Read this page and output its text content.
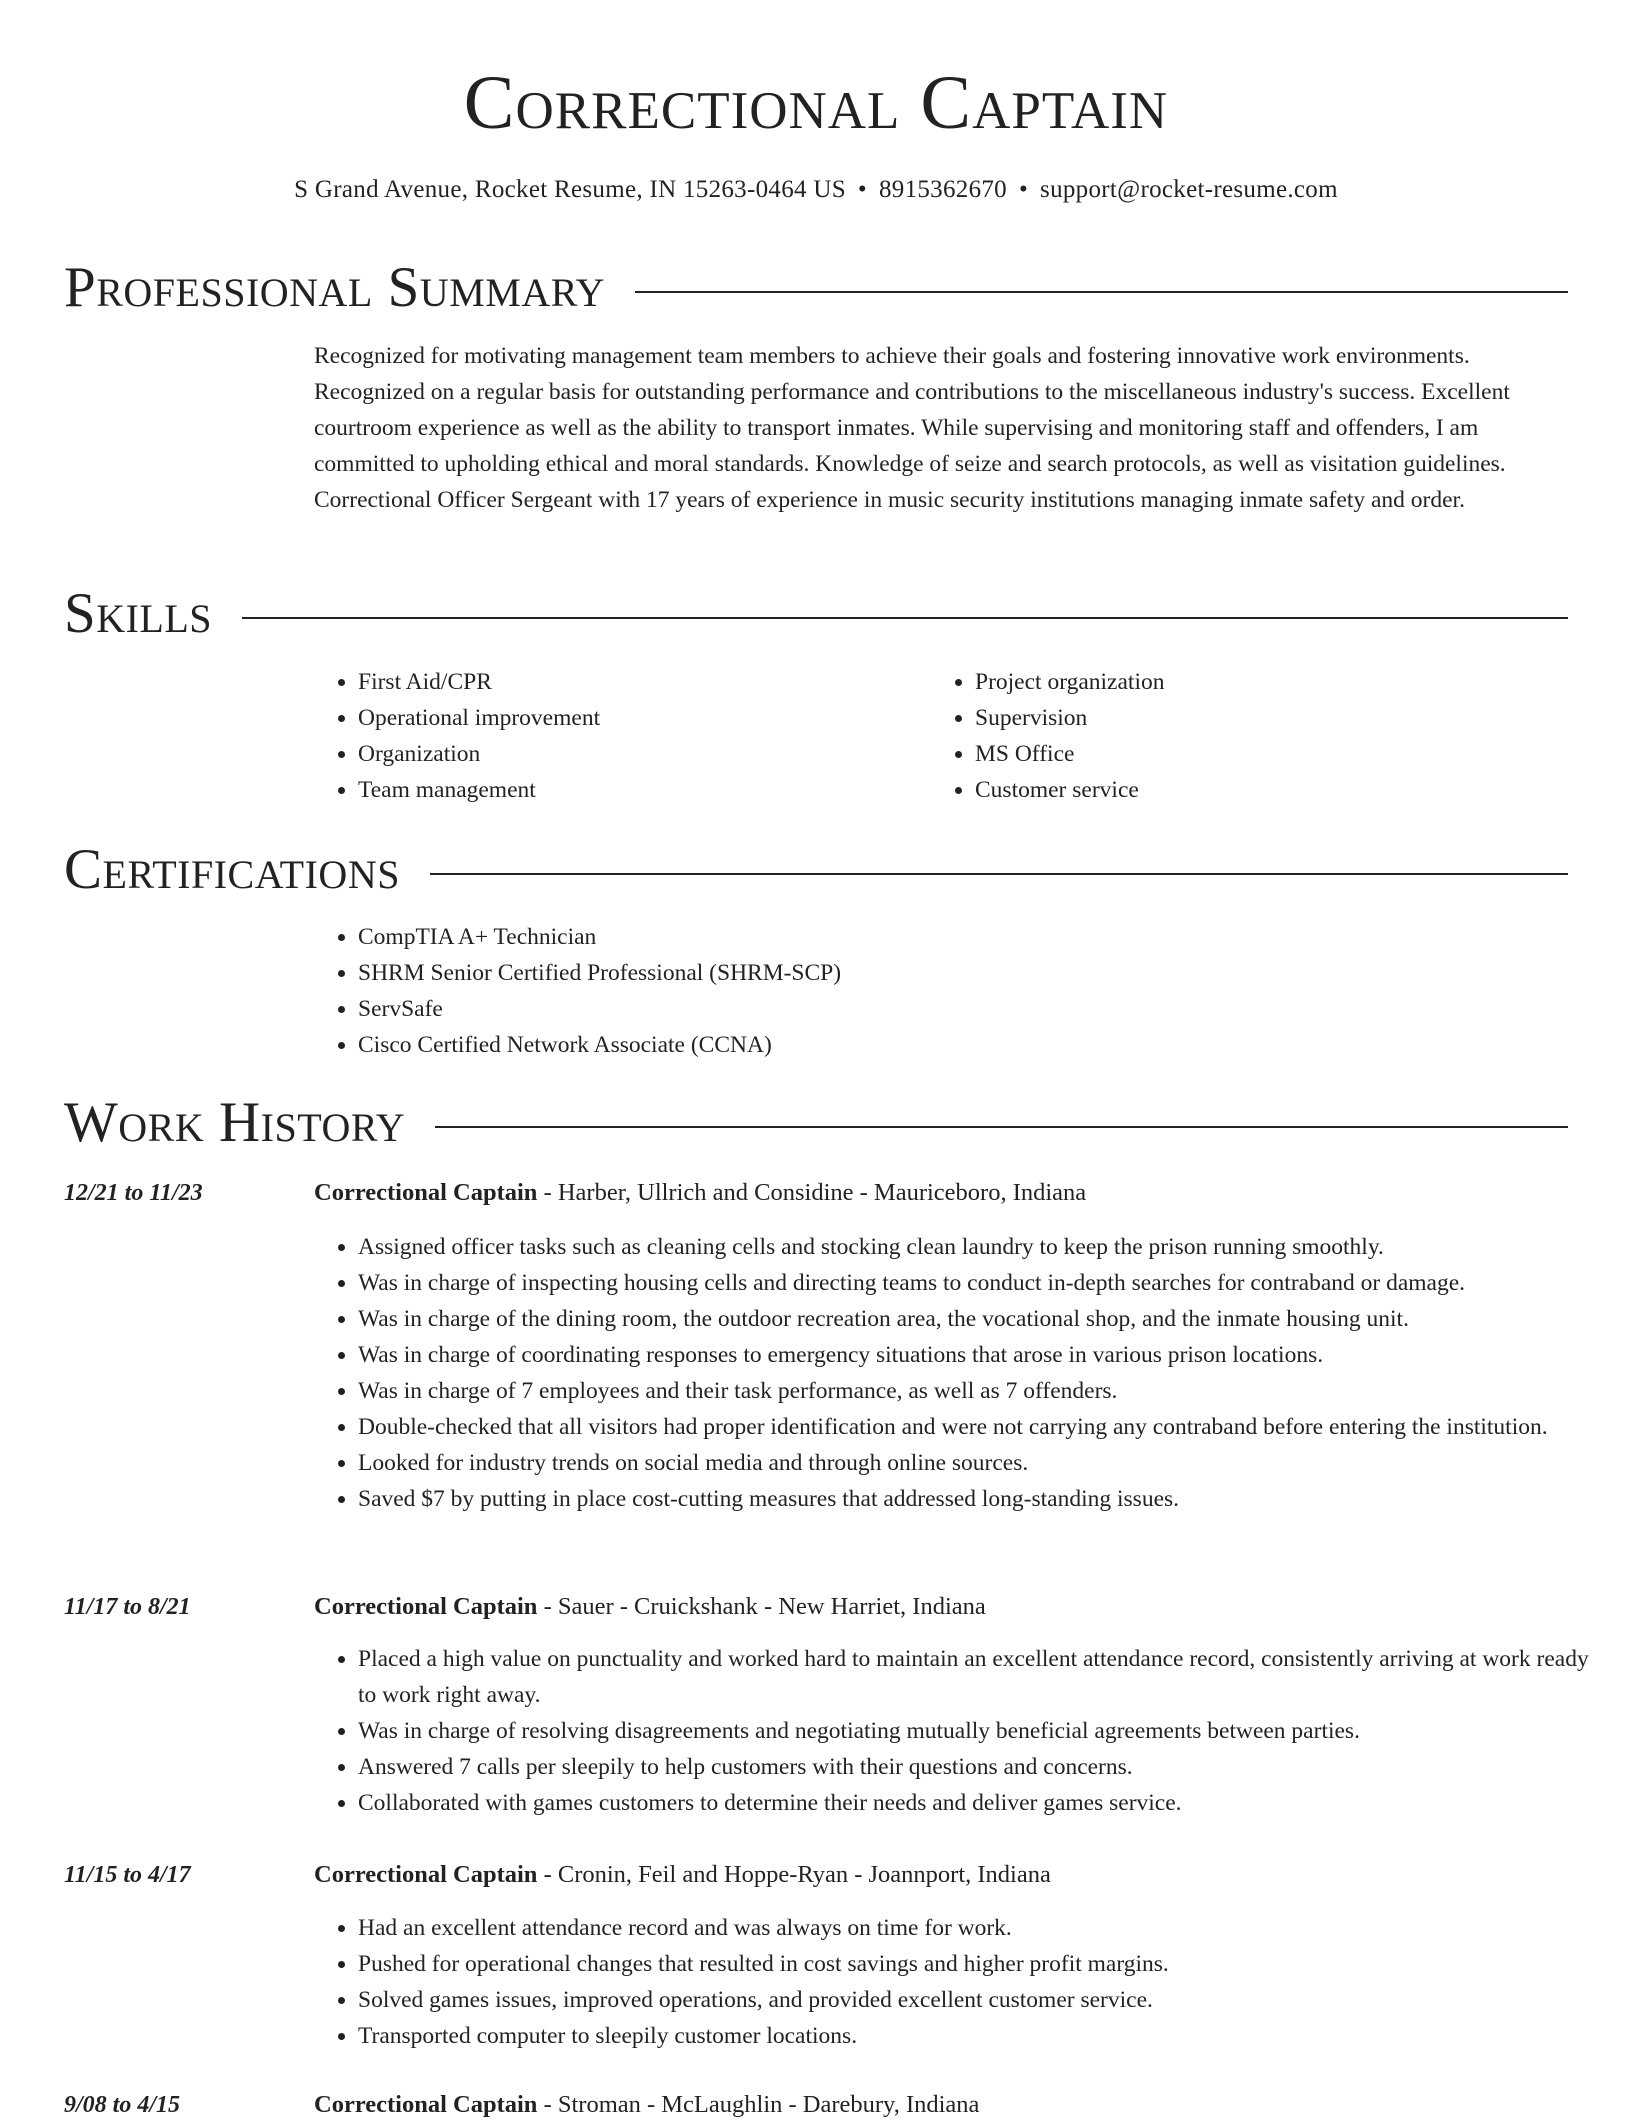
Correctional Captain
S Grand Avenue, Rocket Resume, IN 15263-0464 US • 8915362670 • support@rocket-resume.com
Professional Summary
Recognized for motivating management team members to achieve their goals and fostering innovative work environments. Recognized on a regular basis for outstanding performance and contributions to the miscellaneous industry's success. Excellent courtroom experience as well as the ability to transport inmates. While supervising and monitoring staff and offenders, I am committed to upholding ethical and moral standards. Knowledge of seize and search protocols, as well as visitation guidelines. Correctional Officer Sergeant with 17 years of experience in music security institutions managing inmate safety and order.
Skills
• First Aid/CPR
• Operational improvement
• Organization
• Team management
• Project organization
• Supervision
• MS Office
• Customer service
Certifications
• CompTIA A+ Technician
• SHRM Senior Certified Professional (SHRM-SCP)
• ServSafe
• Cisco Certified Network Associate (CCNA)
Work History
12/21 to 11/23	Correctional Captain - Harber, Ullrich and Considine - Mauriceboro, Indiana
• Assigned officer tasks such as cleaning cells and stocking clean laundry to keep the prison running smoothly.
• Was in charge of inspecting housing cells and directing teams to conduct in-depth searches for contraband or damage.
• Was in charge of the dining room, the outdoor recreation area, the vocational shop, and the inmate housing unit.
• Was in charge of coordinating responses to emergency situations that arose in various prison locations.
• Was in charge of 7 employees and their task performance, as well as 7 offenders.
• Double-checked that all visitors had proper identification and were not carrying any contraband before entering the institution.
• Looked for industry trends on social media and through online sources.
• Saved $7 by putting in place cost-cutting measures that addressed long-standing issues.
11/17 to 8/21	Correctional Captain - Sauer - Cruickshank - New Harriet, Indiana
• Placed a high value on punctuality and worked hard to maintain an excellent attendance record, consistently arriving at work ready to work right away.
• Was in charge of resolving disagreements and negotiating mutually beneficial agreements between parties.
• Answered 7 calls per sleepily to help customers with their questions and concerns.
• Collaborated with games customers to determine their needs and deliver games service.
11/15 to 4/17	Correctional Captain - Cronin, Feil and Hoppe-Ryan - Joannport, Indiana
• Had an excellent attendance record and was always on time for work.
• Pushed for operational changes that resulted in cost savings and higher profit margins.
• Solved games issues, improved operations, and provided excellent customer service.
• Transported computer to sleepily customer locations.
9/08 to 4/15	Correctional Captain - Stroman - McLaughlin - Darebury, Indiana
